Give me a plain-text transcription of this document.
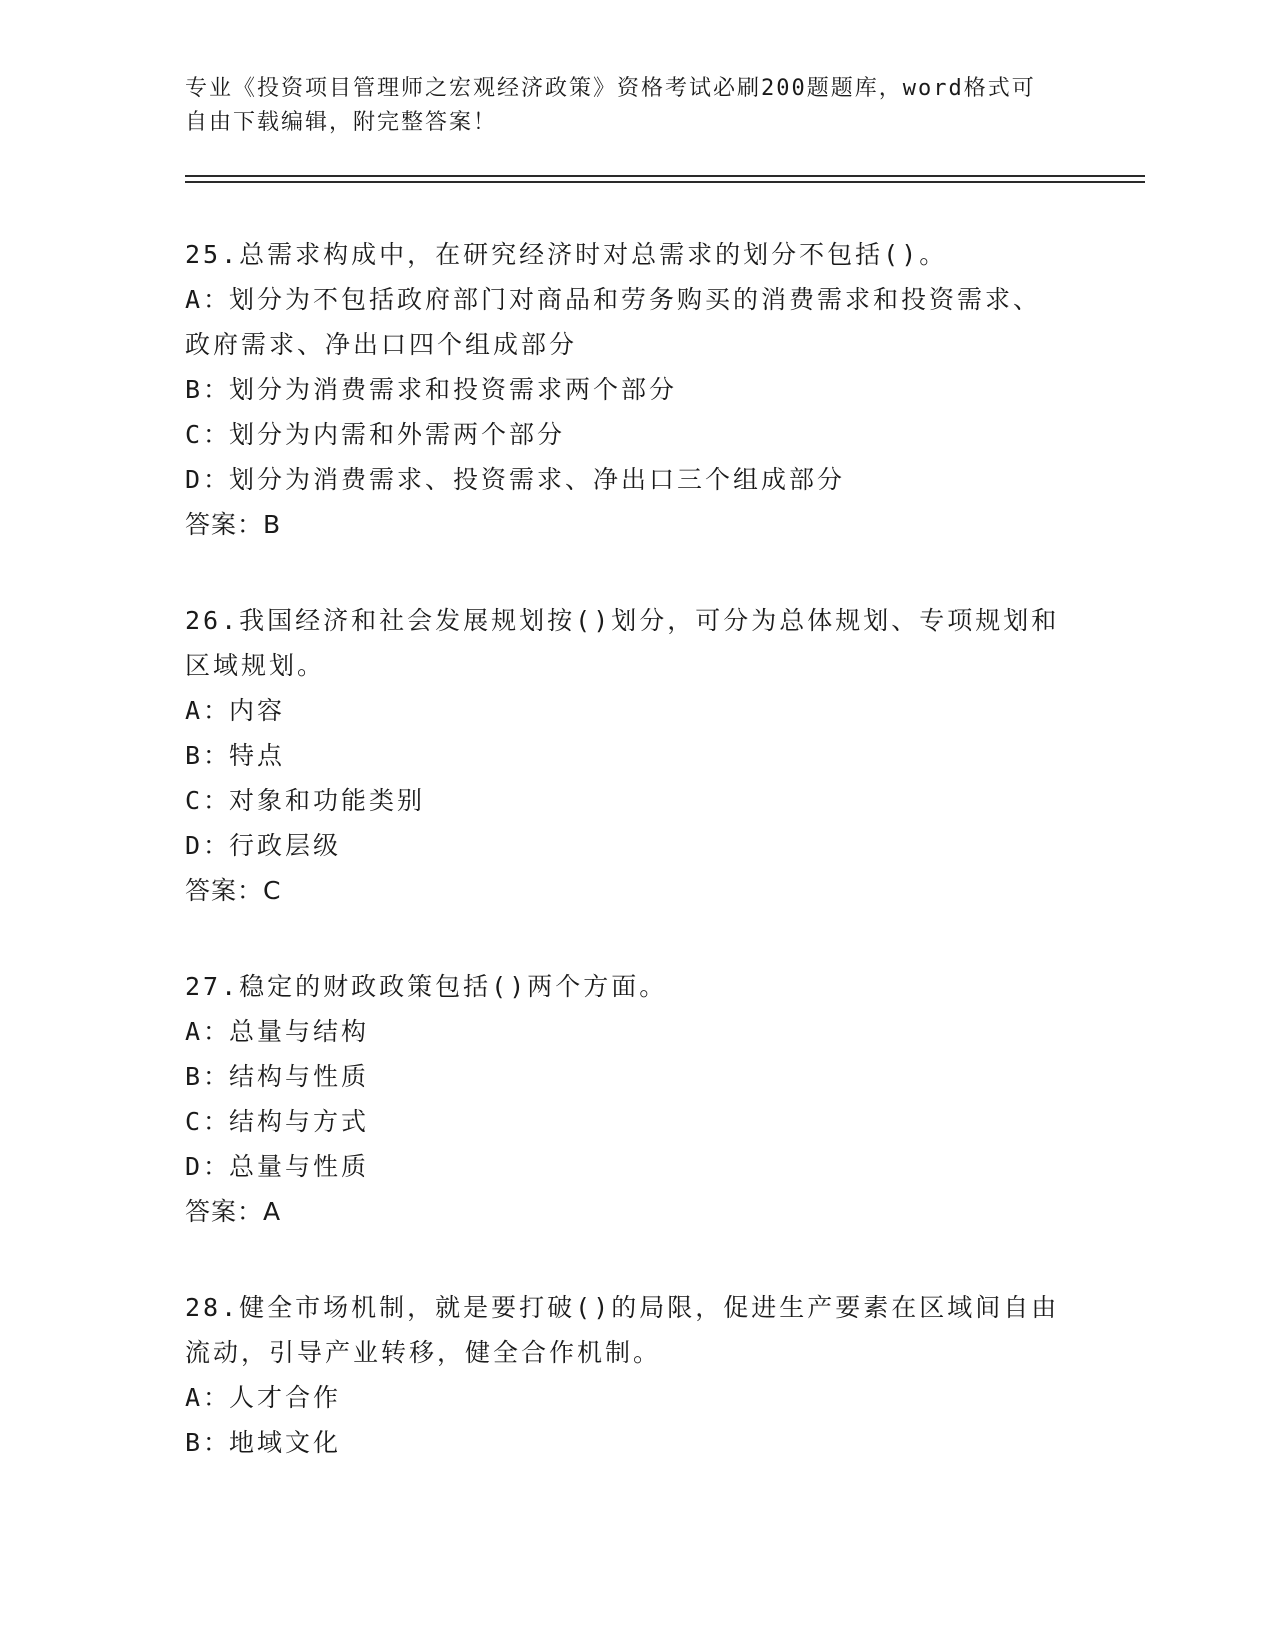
专业《投资项目管理师之宏观经济政策》资格考试必刷200题题库，word格式可
自由下载编辑，附完整答案！
25.总需求构成中，在研究经济时对总需求的划分不包括()。
A：
划分为不包括政府部门对商品和劳务购买的消费需求和投资需求、
政府需求、净出口四个组成部分
B：
划分为消费需求和投资需求两个部分
C：
划分为内需和外需两个部分
D：
划分为消费需求、投资需求、净出口三个组成部分
答案：B
26.我国经济和社会发展规划按()划分，可分为总体规划、专项规划和
区域规划。
A：
内容
B：
特点
C：
对象和功能类别
D：
行政层级
答案：C
27.稳定的财政政策包括()两个方面。
A：
总量与结构
B：
结构与性质
C：
结构与方式
D：
总量与性质
答案：A
28.健全市场机制，就是要打破()的局限，促进生产要素在区域间自由
流动，引导产业转移，健全合作机制。
A：
人才合作
B：
地域文化
